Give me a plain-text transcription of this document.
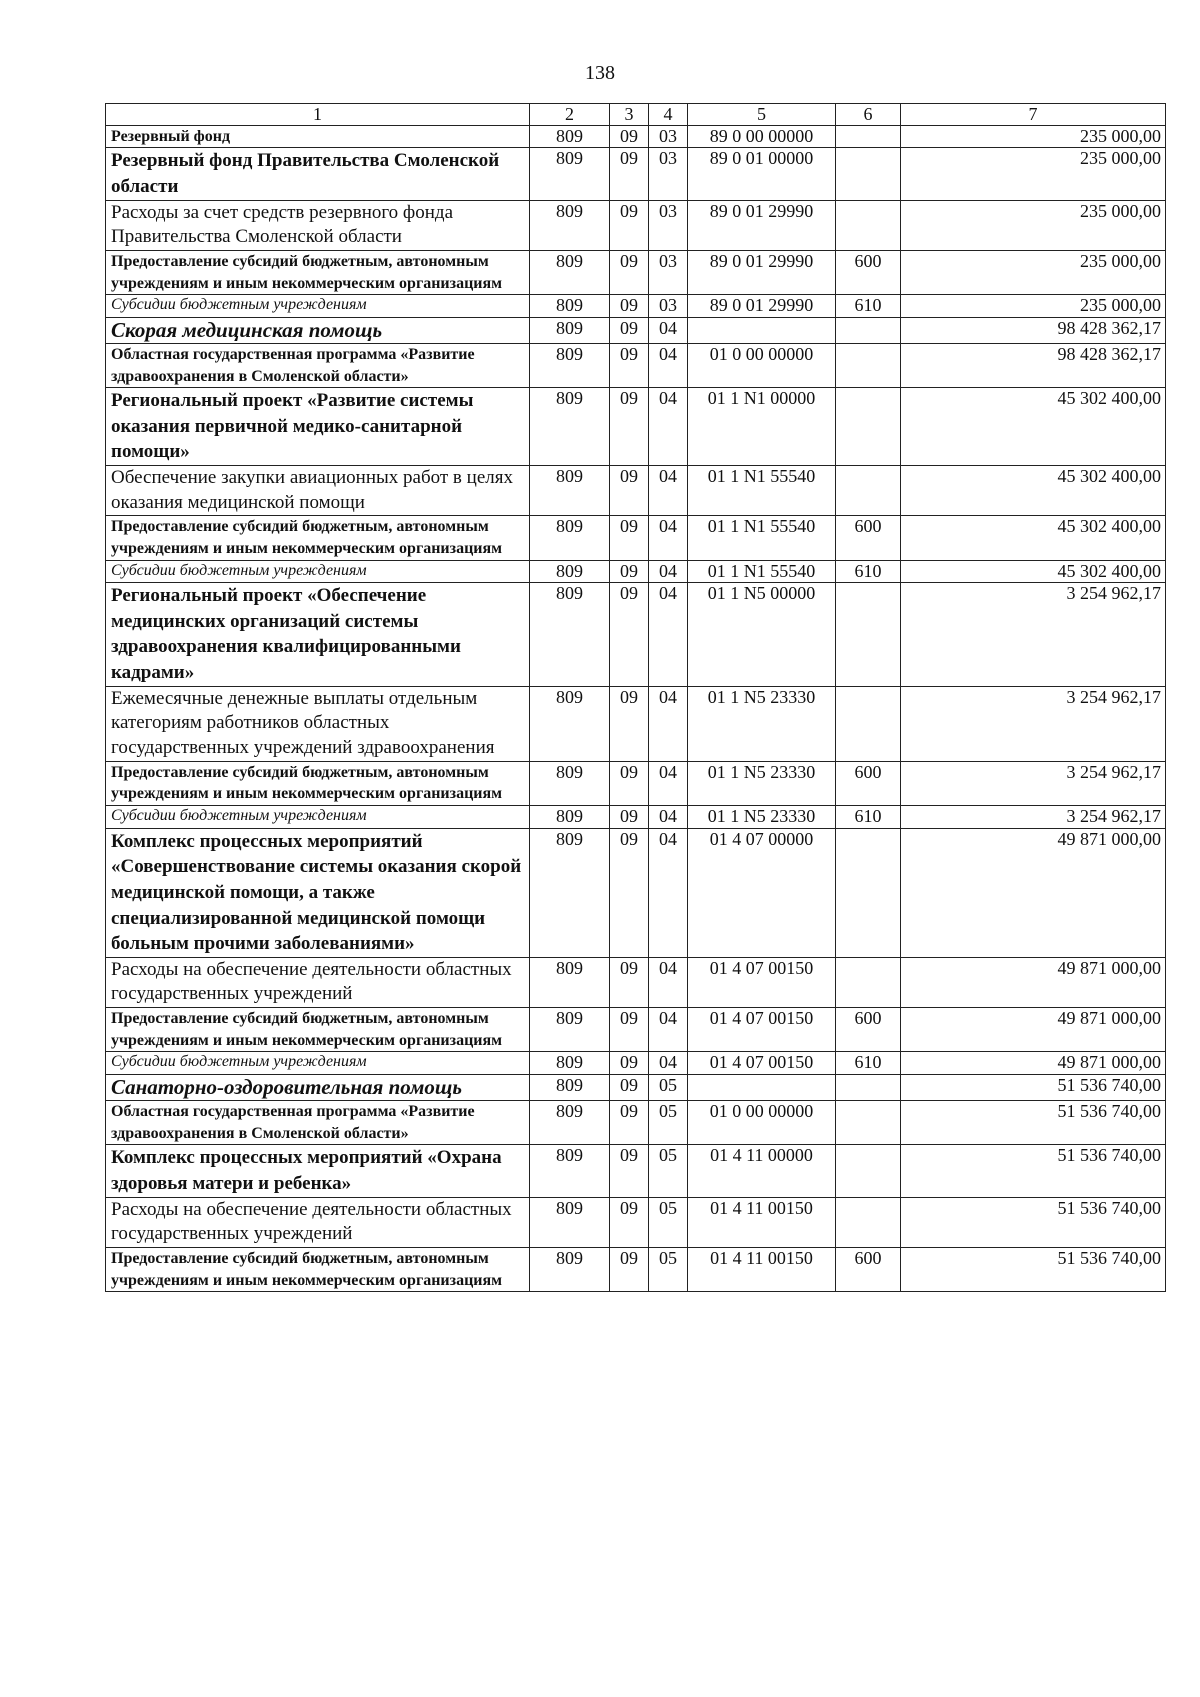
138
1	2	3	4	5	6	7
Резервный фонд	809	09	03	89 0 00 00000		235 000,00
Резервный фонд Правительства Смоленской области	809	09	03	89 0 01 00000		235 000,00
Расходы за счет средств резервного фонда Правительства Смоленской области	809	09	03	89 0 01 29990		235 000,00
Предоставление субсидий бюджетным, автономным учреждениям и иным некоммерческим организациям	809	09	03	89 0 01 29990	600	235 000,00
Субсидии бюджетным учреждениям	809	09	03	89 0 01 29990	610	235 000,00
Скорая медицинская помощь	809	09	04			98 428 362,17
Областная государственная программа «Развитие здравоохранения в Смоленской области»	809	09	04	01 0 00 00000		98 428 362,17
Региональный проект «Развитие системы оказания первичной медико-санитарной помощи»	809	09	04	01 1 N1 00000		45 302 400,00
Обеспечение закупки авиационных работ в целях оказания медицинской помощи	809	09	04	01 1 N1 55540		45 302 400,00
Предоставление субсидий бюджетным, автономным учреждениям и иным некоммерческим организациям	809	09	04	01 1 N1 55540	600	45 302 400,00
Субсидии бюджетным учреждениям	809	09	04	01 1 N1 55540	610	45 302 400,00
Региональный проект «Обеспечение медицинских организаций системы здравоохранения квалифицированными кадрами»	809	09	04	01 1 N5 00000		3 254 962,17
Ежемесячные денежные выплаты отдельным категориям работников областных государственных учреждений здравоохранения	809	09	04	01 1 N5 23330		3 254 962,17
Предоставление субсидий бюджетным, автономным учреждениям и иным некоммерческим организациям	809	09	04	01 1 N5 23330	600	3 254 962,17
Субсидии бюджетным учреждениям	809	09	04	01 1 N5 23330	610	3 254 962,17
Комплекс процессных мероприятий «Совершенствование системы оказания скорой медицинской помощи, а также специализированной медицинской помощи больным прочими заболеваниями»	809	09	04	01 4 07 00000		49 871 000,00
Расходы на обеспечение деятельности областных государственных учреждений	809	09	04	01 4 07 00150		49 871 000,00
Предоставление субсидий бюджетным, автономным учреждениям и иным некоммерческим организациям	809	09	04	01 4 07 00150	600	49 871 000,00
Субсидии бюджетным учреждениям	809	09	04	01 4 07 00150	610	49 871 000,00
Санаторно-оздоровительная помощь	809	09	05			51 536 740,00
Областная государственная программа «Развитие здравоохранения в Смоленской области»	809	09	05	01 0 00 00000		51 536 740,00
Комплекс процессных мероприятий «Охрана здоровья матери и ребенка»	809	09	05	01 4 11 00000		51 536 740,00
Расходы на обеспечение деятельности областных государственных учреждений	809	09	05	01 4 11 00150		51 536 740,00
Предоставление субсидий бюджетным, автономным учреждениям и иным некоммерческим организациям	809	09	05	01 4 11 00150	600	51 536 740,00
